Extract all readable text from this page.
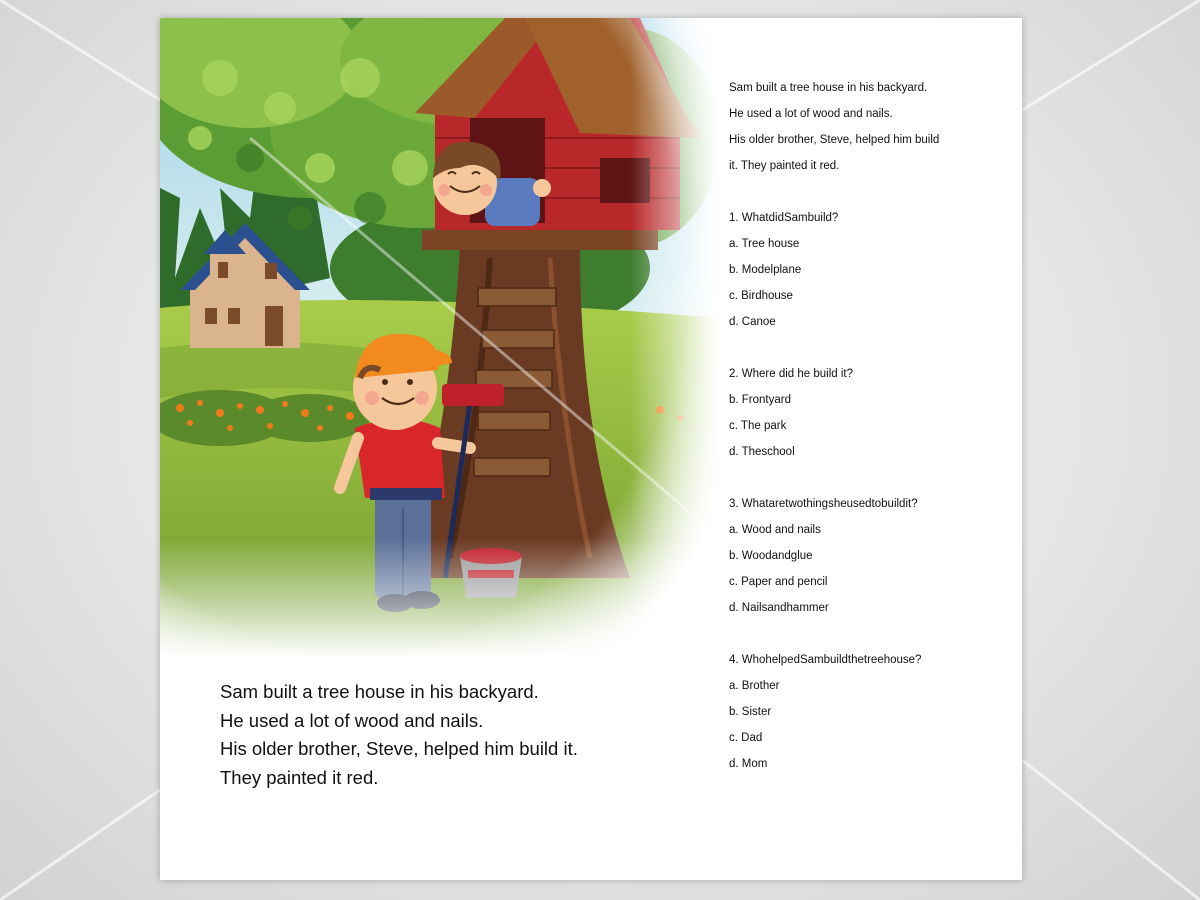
Sam built a tree house in his backyard.
He used a lot of wood and nails.
His older brother, Steve, helped him build it.
They painted it red.
Sam built a tree house in his backyard.
He used a lot of wood and nails.
His older brother, Steve, helped him build
it. They painted it red.
1. WhatdidSambuild?
a. Tree house
b. Modelplane
c. Birdhouse
d. Canoe
2. Where did he build it?
b. Frontyard
c. The park
d. Theschool
3. Whataretwothingsheusedtobuildit?
a. Wood and nails
b. Woodandglue
c. Paper and pencil
d. Nailsandhammer
4. WhohelpedSambuildthetreehouse?
a. Brother
b. Sister
c. Dad
d. Mom
